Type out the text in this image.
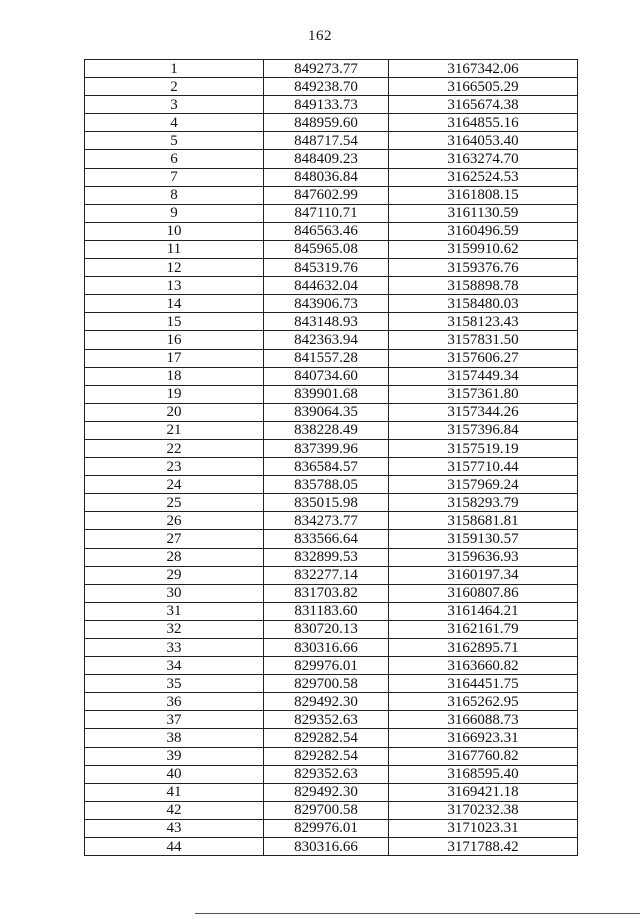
162
1	849273.77	3167342.06
2	849238.70	3166505.29
3	849133.73	3165674.38
4	848959.60	3164855.16
5	848717.54	3164053.40
6	848409.23	3163274.70
7	848036.84	3162524.53
8	847602.99	3161808.15
9	847110.71	3161130.59
10	846563.46	3160496.59
11	845965.08	3159910.62
12	845319.76	3159376.76
13	844632.04	3158898.78
14	843906.73	3158480.03
15	843148.93	3158123.43
16	842363.94	3157831.50
17	841557.28	3157606.27
18	840734.60	3157449.34
19	839901.68	3157361.80
20	839064.35	3157344.26
21	838228.49	3157396.84
22	837399.96	3157519.19
23	836584.57	3157710.44
24	835788.05	3157969.24
25	835015.98	3158293.79
26	834273.77	3158681.81
27	833566.64	3159130.57
28	832899.53	3159636.93
29	832277.14	3160197.34
30	831703.82	3160807.86
31	831183.60	3161464.21
32	830720.13	3162161.79
33	830316.66	3162895.71
34	829976.01	3163660.82
35	829700.58	3164451.75
36	829492.30	3165262.95
37	829352.63	3166088.73
38	829282.54	3166923.31
39	829282.54	3167760.82
40	829352.63	3168595.40
41	829492.30	3169421.18
42	829700.58	3170232.38
43	829976.01	3171023.31
44	830316.66	3171788.42
